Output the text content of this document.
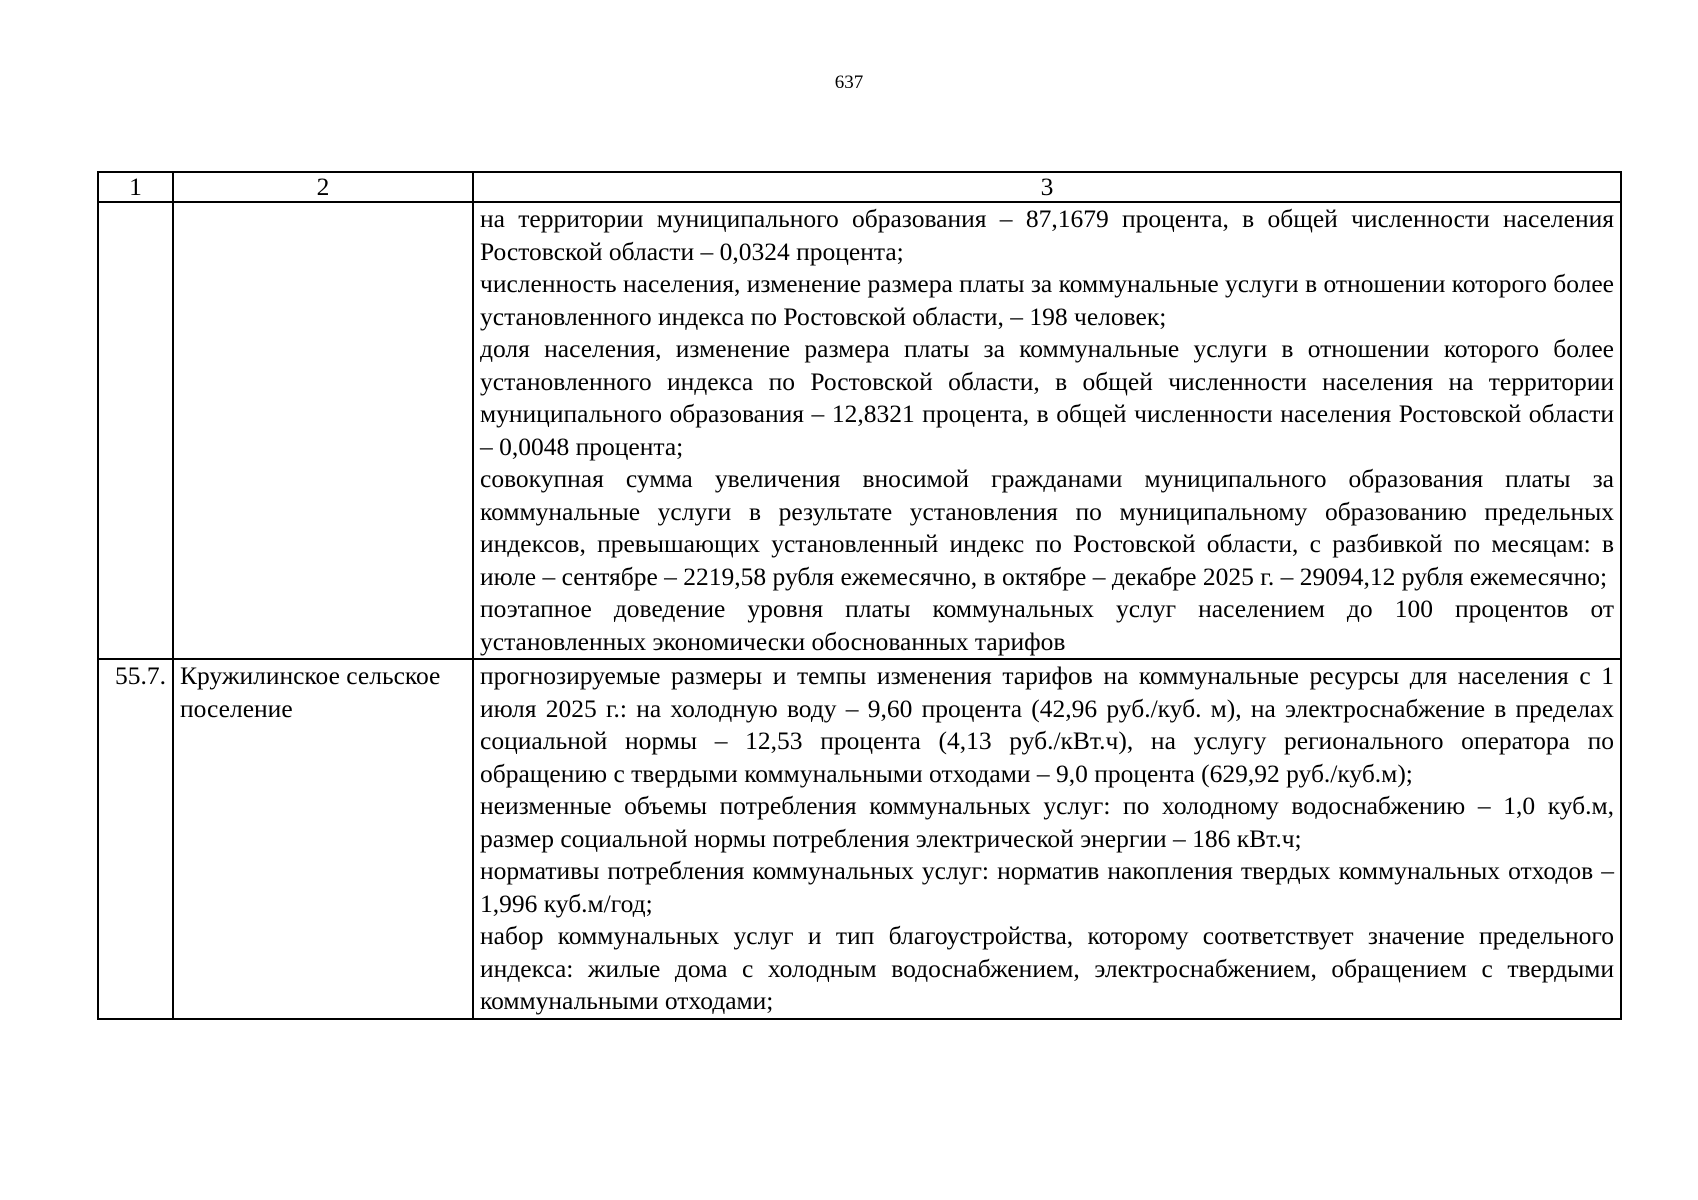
637
1	2	3

		на территории муниципального образования – 87,1679 процента, в общей численности населения Ростовской области – 0,0324 процента;

численность населения, изменение размера платы за коммунальные услуги в отношении которого более установленного индекса по Ростовской области, – 198 человек;

доля населения, изменение размера платы за коммунальные услуги в отношении которого более установленного индекса по Ростовской области, в общей численности населения на территории муниципального образования – 12,8321 процента, в общей численности населения Ростовской области – 0,0048 процента;

совокупная сумма увеличения вносимой гражданами муниципального образования платы за коммунальные услуги в результате установления по муниципальному образованию предельных индексов, превышающих установленный индекс по Ростовской области, с разбивкой по месяцам: в июле – сентябре – 2219,58 рубля ежемесячно, в октябре – декабре 2025 г. – 29094,12 рубля ежемесячно;

поэтапное доведение уровня платы коммунальных услуг населением до 100 процентов от установленных экономически обоснованных тарифов

55.7.	Кружилинское сельское поселение	прогнозируемые размеры и темпы изменения тарифов на коммунальные ресурсы для населения с 1 июля 2025 г.: на холодную воду – 9,60 процента (42,96 руб./куб. м), на электроснабжение в пределах социальной нормы – 12,53 процента (4,13 руб./кВт.ч), на услугу регионального оператора по обращению с твердыми коммунальными отходами – 9,0 процента (629,92 руб./куб.м);

неизменные объемы потребления коммунальных услуг: по холодному водоснабжению – 1,0 куб.м, размер социальной нормы потребления электрической энергии – 186 кВт.ч;

нормативы потребления коммунальных услуг: норматив накопления твердых коммунальных отходов – 1,996 куб.м/год;

набор коммунальных услуг и тип благоустройства, которому соответствует значение предельного индекса: жилые дома с холодным водоснабжением, электроснабжением, обращением с твердыми коммунальными отходами;
